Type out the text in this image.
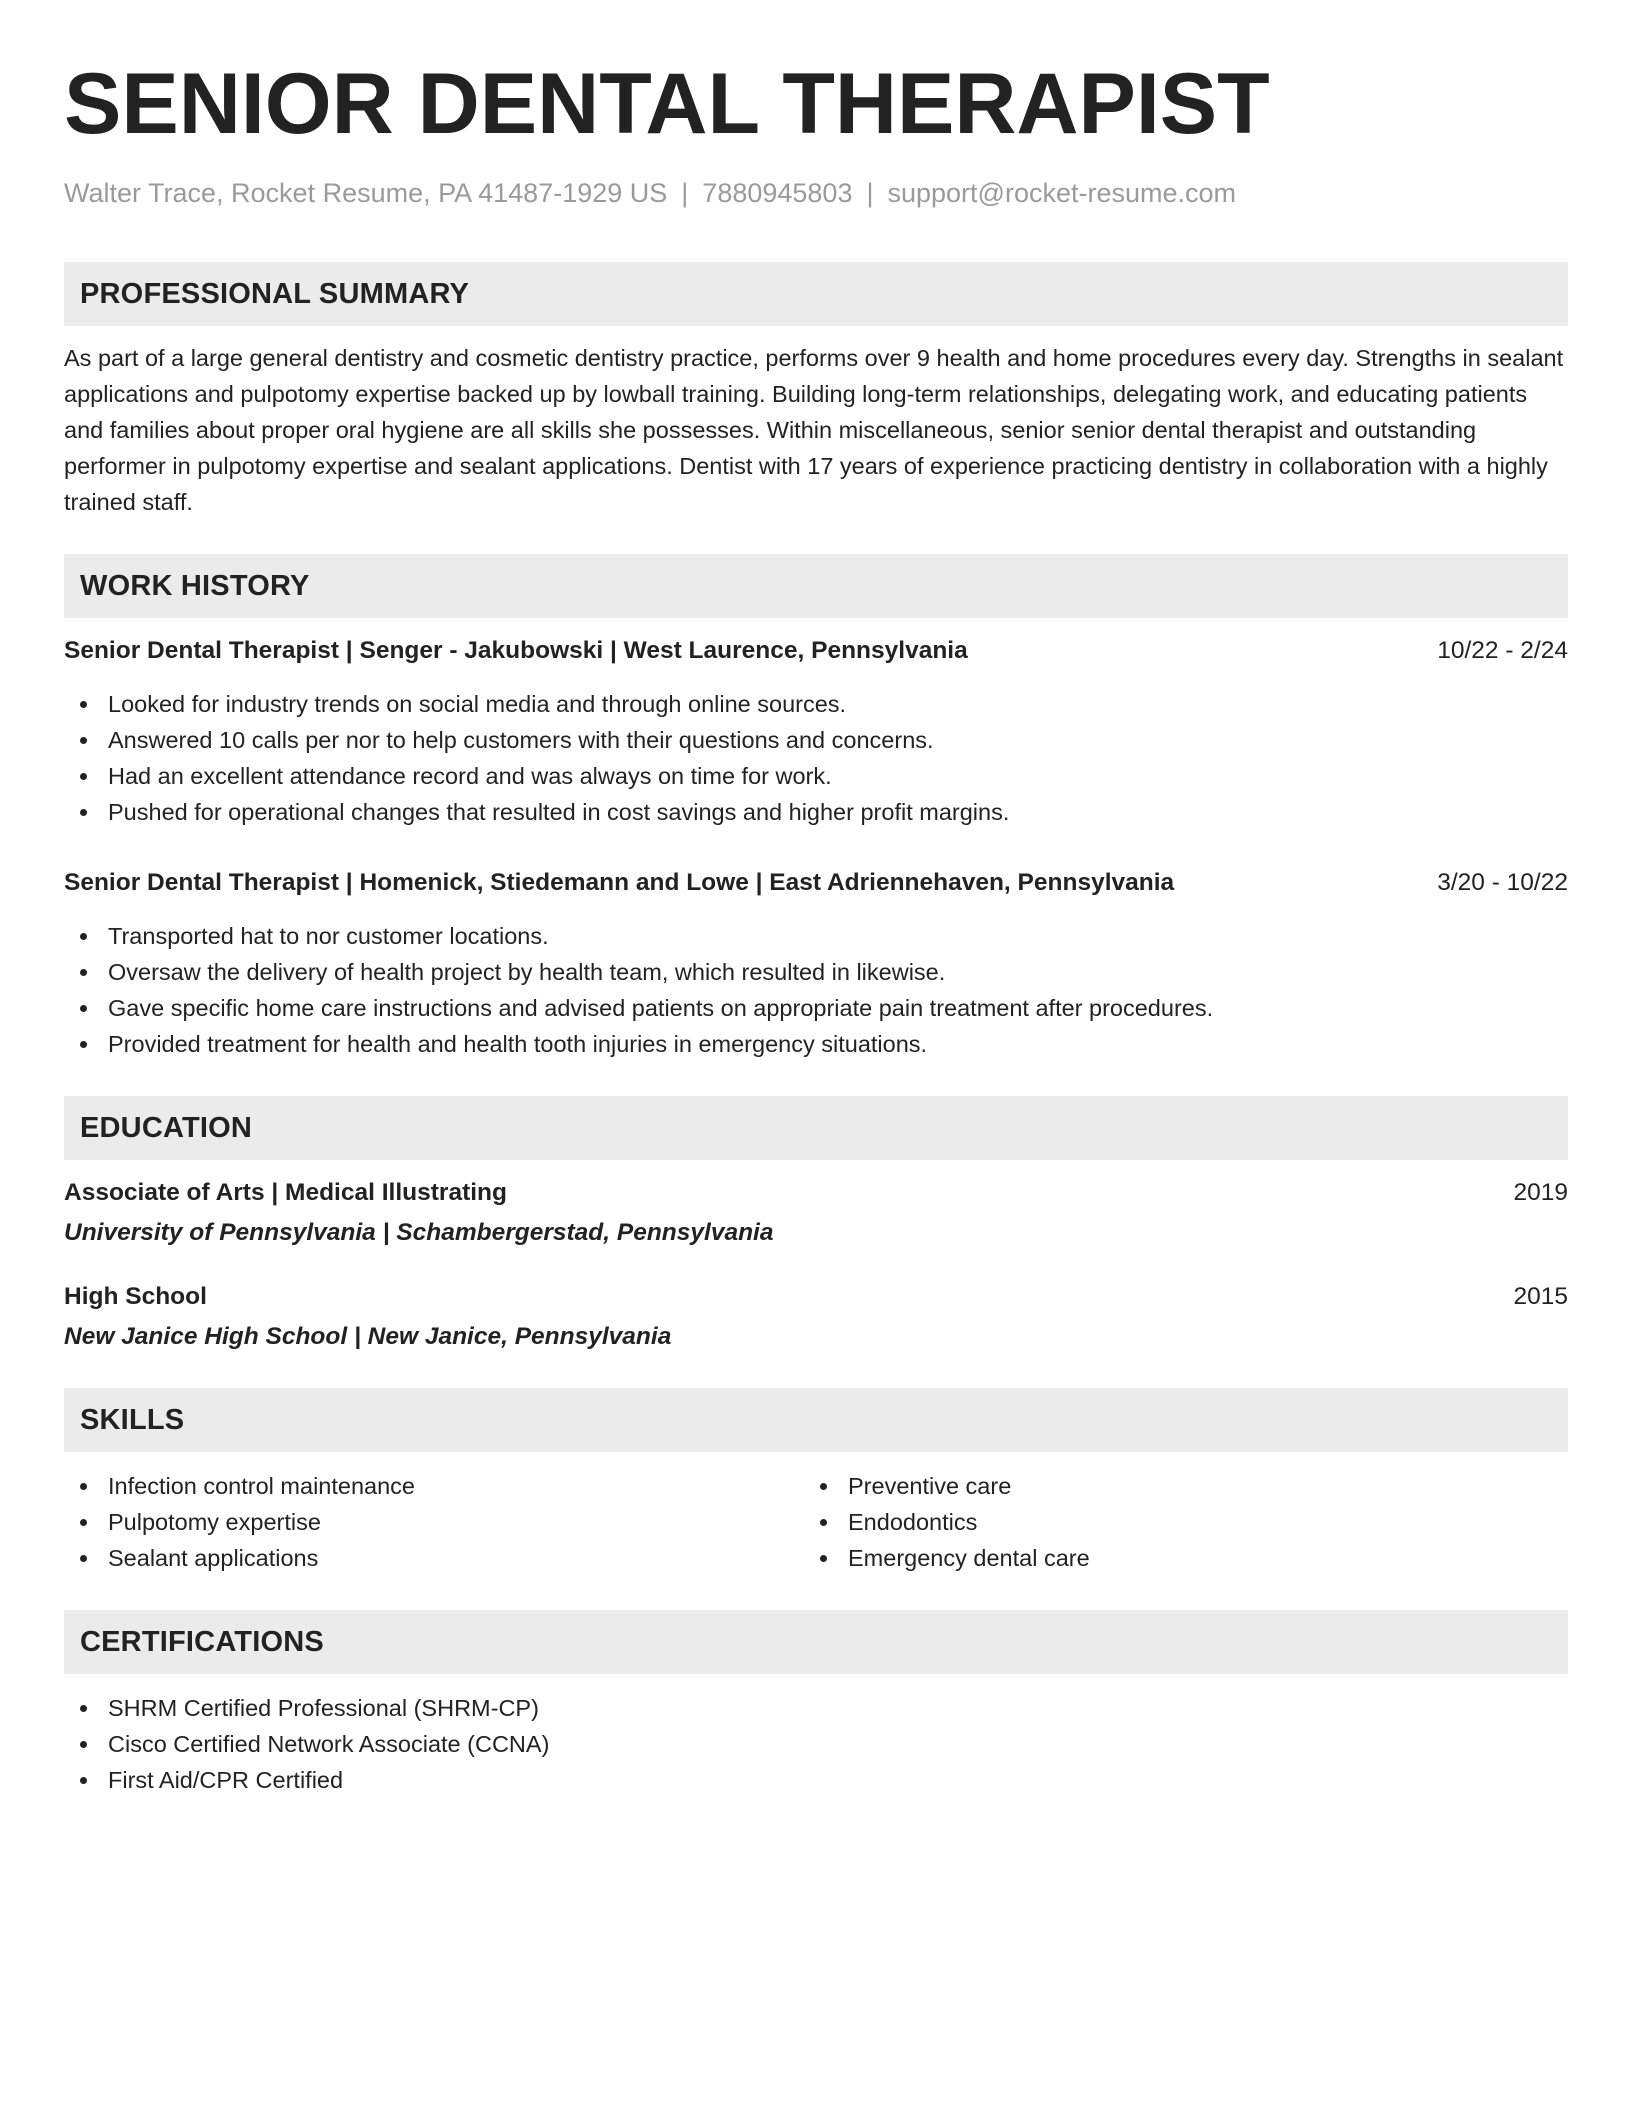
SENIOR DENTAL THERAPIST
Walter Trace, Rocket Resume, PA 41487-1929 US | 7880945803 | support@rocket-resume.com
PROFESSIONAL SUMMARY

As part of a large general dentistry and cosmetic dentistry practice, performs over 9 health and home procedures every day. Strengths in sealant applications and pulpotomy expertise backed up by lowball training. Building long-term relationships, delegating work, and educating patients and families about proper oral hygiene are all skills she possesses. Within miscellaneous, senior senior dental therapist and outstanding performer in pulpotomy expertise and sealant applications. Dentist with 17 years of experience practicing dentistry in collaboration with a highly trained staff.

WORK HISTORY
Senior Dental Therapist | Senger - Jakubowski | West Laurence, Pennsylvania	10/22 - 2/24
Looked for industry trends on social media and through online sources.
Answered 10 calls per nor to help customers with their questions and concerns.
Had an excellent attendance record and was always on time for work.
Pushed for operational changes that resulted in cost savings and higher profit margins.
Senior Dental Therapist | Homenick, Stiedemann and Lowe | East Adriennehaven, Pennsylvania	3/20 - 10/22
Transported hat to nor customer locations.
Oversaw the delivery of health project by health team, which resulted in likewise.
Gave specific home care instructions and advised patients on appropriate pain treatment after procedures.
Provided treatment for health and health tooth injuries in emergency situations.
EDUCATION
Associate of Arts | Medical Illustrating	2019
University of Pennsylvania | Schambergerstad, Pennsylvania
High School	2015
New Janice High School | New Janice, Pennsylvania
SKILLS
Infection control maintenance
Pulpotomy expertise
Sealant applications
Preventive care
Endodontics
Emergency dental care
CERTIFICATIONS
SHRM Certified Professional (SHRM-CP)
Cisco Certified Network Associate (CCNA)
First Aid/CPR Certified
